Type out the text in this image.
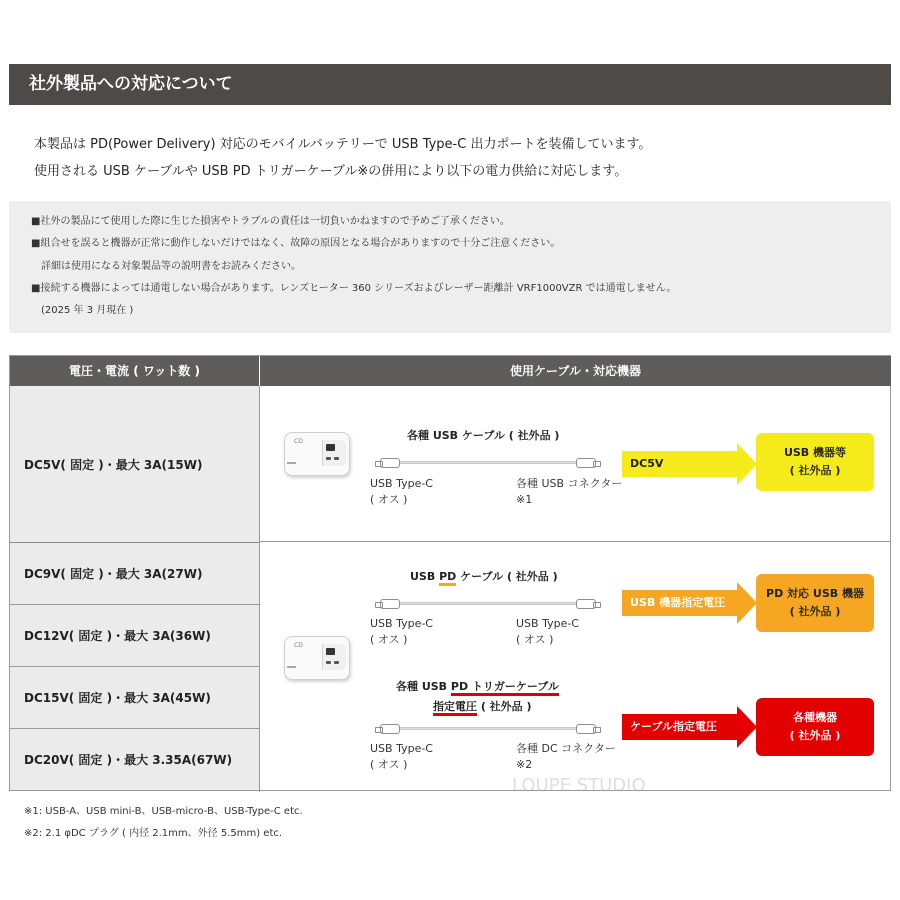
社外製品への対応について
本製品は PD(Power Delivery) 対応のモバイルバッテリーで USB Type-C 出力ポートを装備しています。
使用される USB ケーブルや USB PD トリガーケーブル※の併用により以下の電力供給に対応します。
■社外の製品にて使用した際に生じた損害やトラブルの責任は一切負いかねますので予めご了承ください。
■組合せを誤ると機器が正常に動作しないだけではなく、故障の原因となる場合がありますので十分ご注意ください。
詳細は使用になる対象製品等の説明書をお読みください。
■接続する機器によっては通電しない場合があります。レンズヒーター 360 シリーズおよびレーザー距離計 VRF1000VZR では通電しません。
(2025 年 3 月現在 )
電圧・電流 ( ワット数 )	使用ケーブル・対応機器
DC5V( 固定 )・最大 3A(15W)
DC9V( 固定 )・最大 3A(27W)
DC12V( 固定 )・最大 3A(36W)
DC15V( 固定 )・最大 3A(45W)
DC20V( 固定 )・最大 3.35A(67W)
CD	各種 USB ケーブル ( 社外品 )
USB Type-C
( オス )
各種 USB コネクター
※1
DC5V
USB 機器等
( 社外品 )
USB PD ケーブル ( 社外品 )
USB Type-C
( オス )
USB Type-C
( オス )
USB 機器指定電圧
PD 対応 USB 機器
( 社外品 )
CD
各種 USB PD トリガーケーブル
指定電圧 ( 社外品 )
USB Type-C
( オス )
各種 DC コネクター
※2
ケーブル指定電圧
各種機器
( 社外品 )
LOUPE STUDIO
※1: USB-A、USB mini-B、USB-micro-B、USB-Type-C etc.
※2: 2.1 φDC プラグ ( 内径 2.1mm、外径 5.5mm) etc.
